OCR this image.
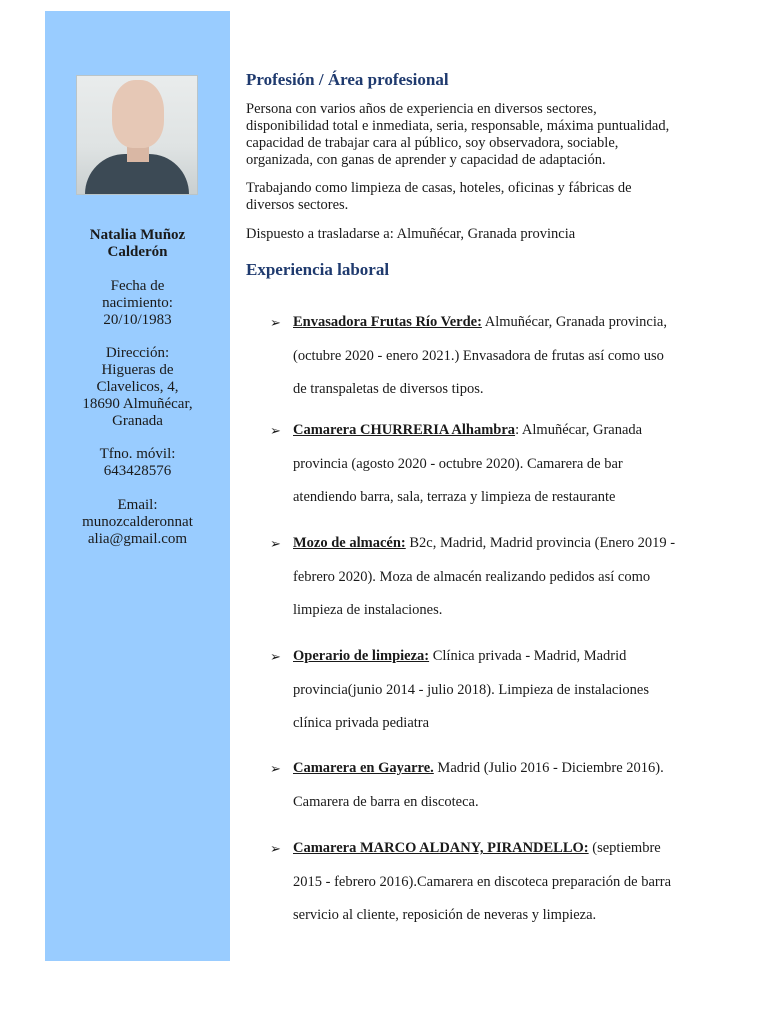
Natalia Muñoz
Calderón
Fecha de
nacimiento:
20/10/1983
Dirección:
Higueras de
Clavelicos, 4,
18690 Almuñécar,
Granada
Tfno. móvil:
643428576
Email:
munozcalderonnat
alia@gmail.com
Profesión / Área profesional
Persona con varios años de experiencia en diversos sectores,
disponibilidad total e inmediata, seria, responsable, máxima puntualidad,
capacidad de trabajar cara al público, soy observadora, sociable,
organizada, con ganas de aprender y capacidad de adaptación.
Trabajando como limpieza de casas, hoteles, oficinas y fábricas de
diversos sectores.
Dispuesto a trasladarse a: Almuñécar, Granada provincia
Experiencia laboral
➢ Envasadora Frutas Río Verde: Almuñécar, Granada provincia,
(octubre 2020 - enero 2021.) Envasadora de frutas así como uso
de transpaletas de diversos tipos.
➢ Camarera CHURRERIA Alhambra: Almuñécar, Granada
provincia (agosto 2020 - octubre 2020). Camarera de bar
atendiendo barra, sala, terraza y limpieza de restaurante
➢ Mozo de almacén: B2c, Madrid, Madrid provincia (Enero 2019 -
febrero 2020). Moza de almacén realizando pedidos así como
limpieza de instalaciones.
➢ Operario de limpieza: Clínica privada - Madrid, Madrid
provincia(junio 2014 - julio 2018). Limpieza de instalaciones
clínica privada pediatra
➢ Camarera en Gayarre. Madrid (Julio 2016 - Diciembre 2016).
Camarera de barra en discoteca.
➢ Camarera MARCO ALDANY, PIRANDELLO: (septiembre
2015 - febrero 2016).Camarera en discoteca preparación de barra
servicio al cliente, reposición de neveras y limpieza.
